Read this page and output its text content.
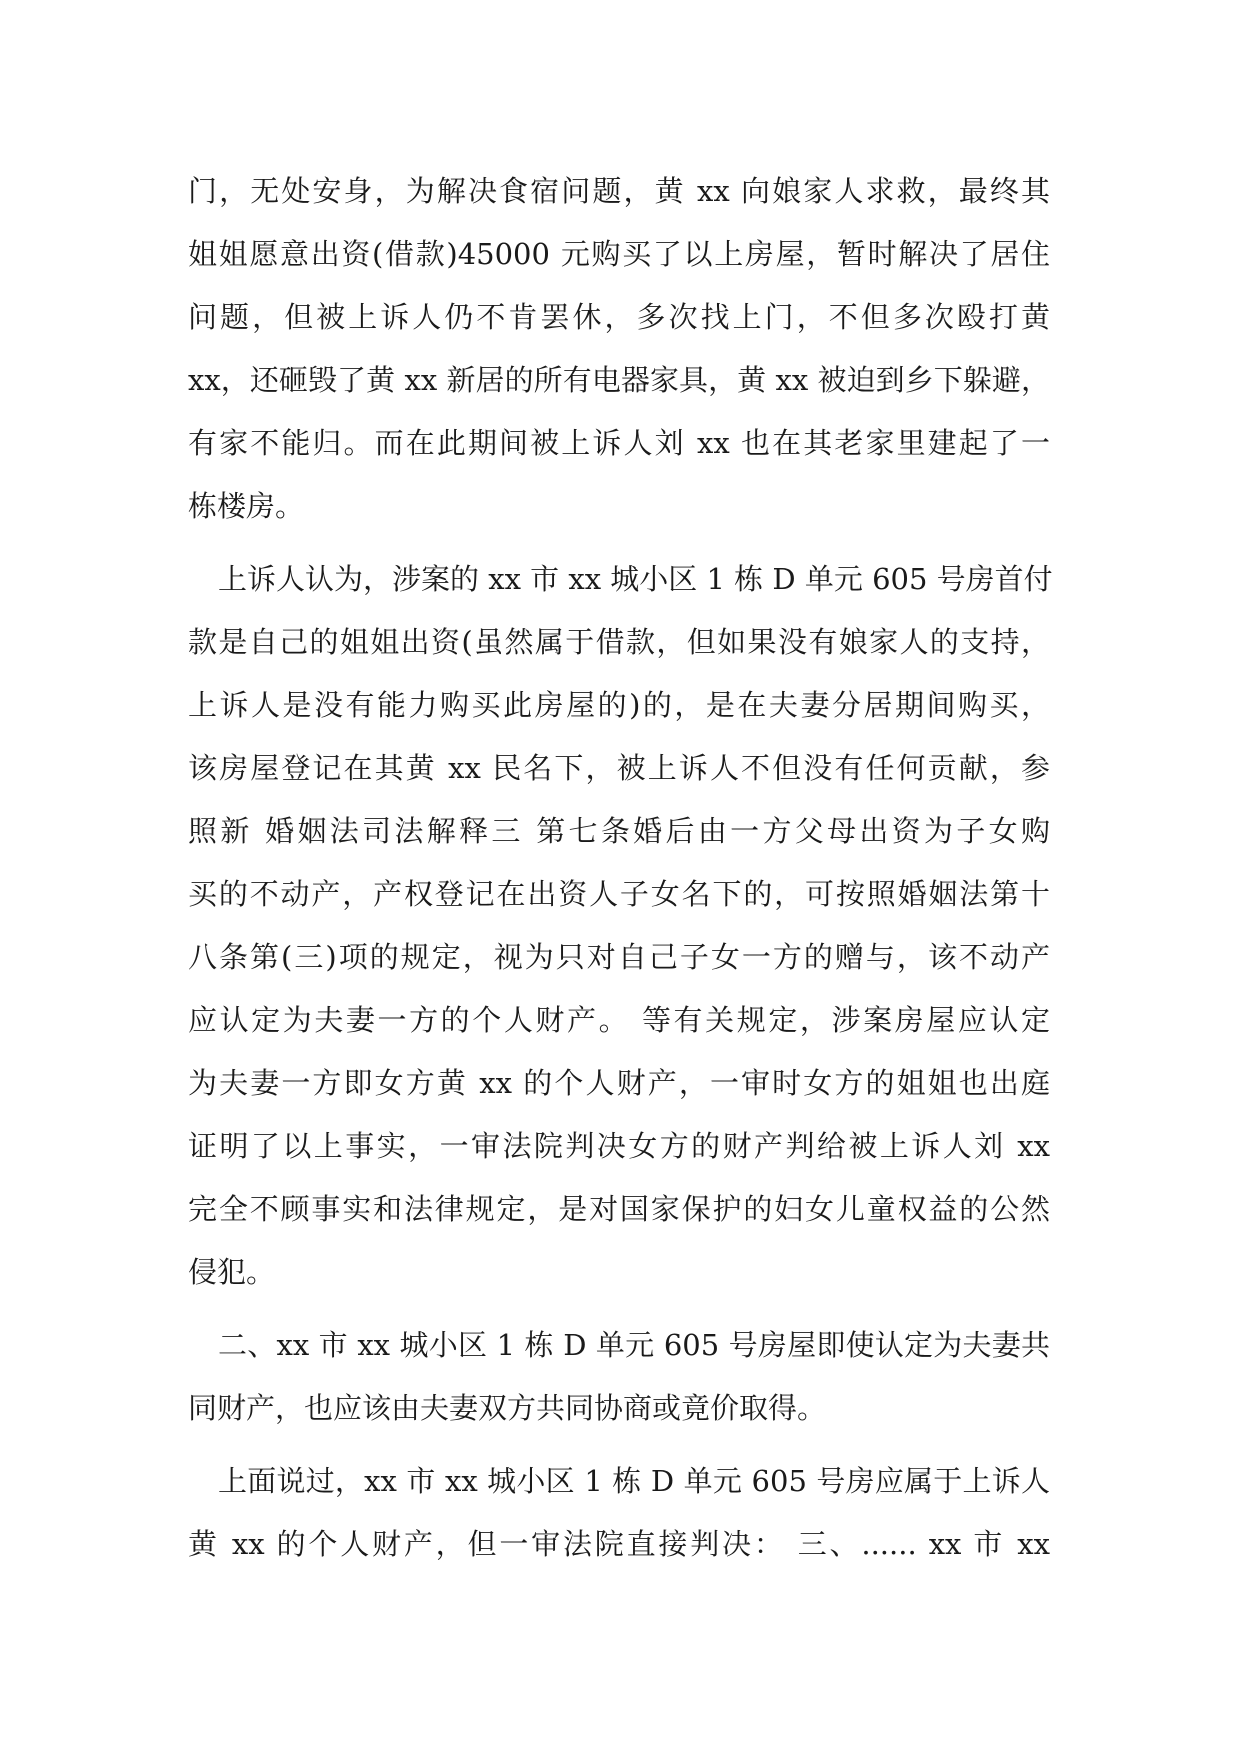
门，无处安身，为解决食宿问题，黄 xx 向娘家人求救，最终其
姐姐愿意出资(借款)45000 元购买了以上房屋，暂时解决了居住
问题，但被上诉人仍不肯罢休，多次找上门，不但多次殴打黄
xx，还砸毁了黄 xx 新居的所有电器家具，黄 xx 被迫到乡下躲避，
有家不能归。而在此期间被上诉人刘 xx 也在其老家里建起了一
栋楼房。
上诉人认为，涉案的 xx 市 xx 城小区 1 栋 D 单元 605 号房首付
款是自己的姐姐出资(虽然属于借款，但如果没有娘家人的支持，
上诉人是没有能力购买此房屋的)的，是在夫妻分居期间购买，
该房屋登记在其黄 xx 民名下，被上诉人不但没有任何贡献，参
照新 婚姻法司法解释三 第七条婚后由一方父母出资为子女购
买的不动产，产权登记在出资人子女名下的，可按照婚姻法第十
八条第(三)项的规定，视为只对自己子女一方的赠与，该不动产
应认定为夫妻一方的个人财产。 等有关规定，涉案房屋应认定
为夫妻一方即女方黄 xx 的个人财产，一审时女方的姐姐也出庭
证明了以上事实，一审法院判决女方的财产判给被上诉人刘 xx
完全不顾事实和法律规定，是对国家保护的妇女儿童权益的公然
侵犯。
二、xx 市 xx 城小区 1 栋 D 单元 605 号房屋即使认定为夫妻共
同财产，也应该由夫妻双方共同协商或竟价取得。
上面说过，xx 市 xx 城小区 1 栋 D 单元 605 号房应属于上诉人
黄 xx 的个人财产，但一审法院直接判决： 三、...... xx 市 xx
